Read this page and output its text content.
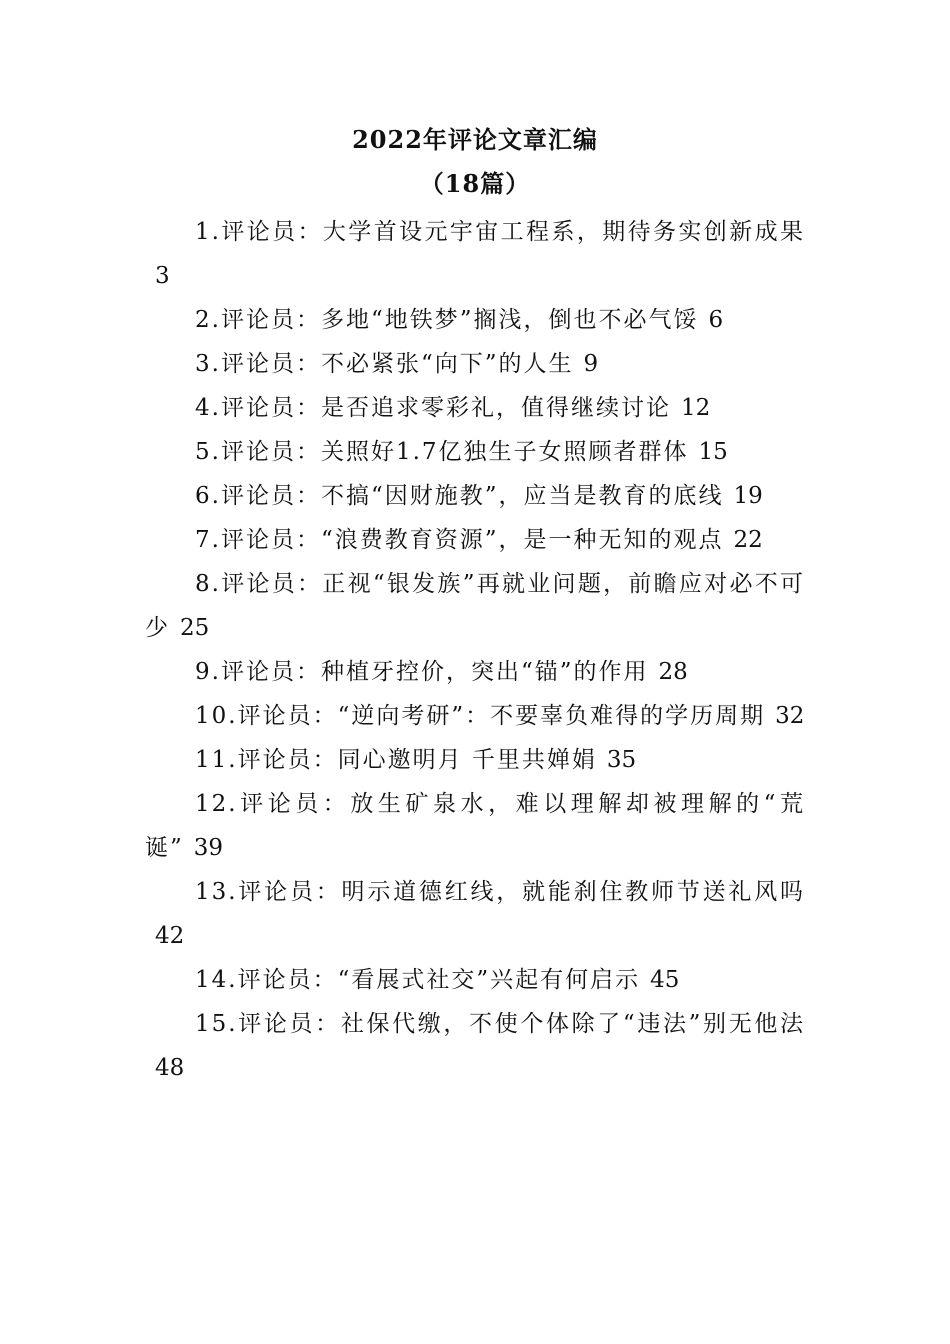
2022年评论文章汇编
（18篇）
1.评论员：大学首设元宇宙工程系，期待务实创新成果3
2.评论员：多地“地铁梦”搁浅，倒也不必气馁 6
3.评论员：不必紧张“向下”的人生 9
4.评论员：是否追求零彩礼，值得继续讨论 12
5.评论员：关照好1.7亿独生子女照顾者群体 15
6.评论员：不搞“因财施教”，应当是教育的底线 19
7.评论员：“浪费教育资源”，是一种无知的观点 22
8.评论员：正视“银发族”再就业问题，前瞻应对必不可少 25
9.评论员：种植牙控价，突出“锚”的作用 28
10.评论员：“逆向考研”：不要辜负难得的学历周期 32
11.评论员：同心邀明月 千里共婵娟 35
12.评论员：放生矿泉水，难以理解却被理解的“荒诞” 39
13.评论员：明示道德红线，就能刹住教师节送礼风吗42
14.评论员：“看展式社交”兴起有何启示 45
15.评论员：社保代缴，不使个体除了“违法”别无他法48
